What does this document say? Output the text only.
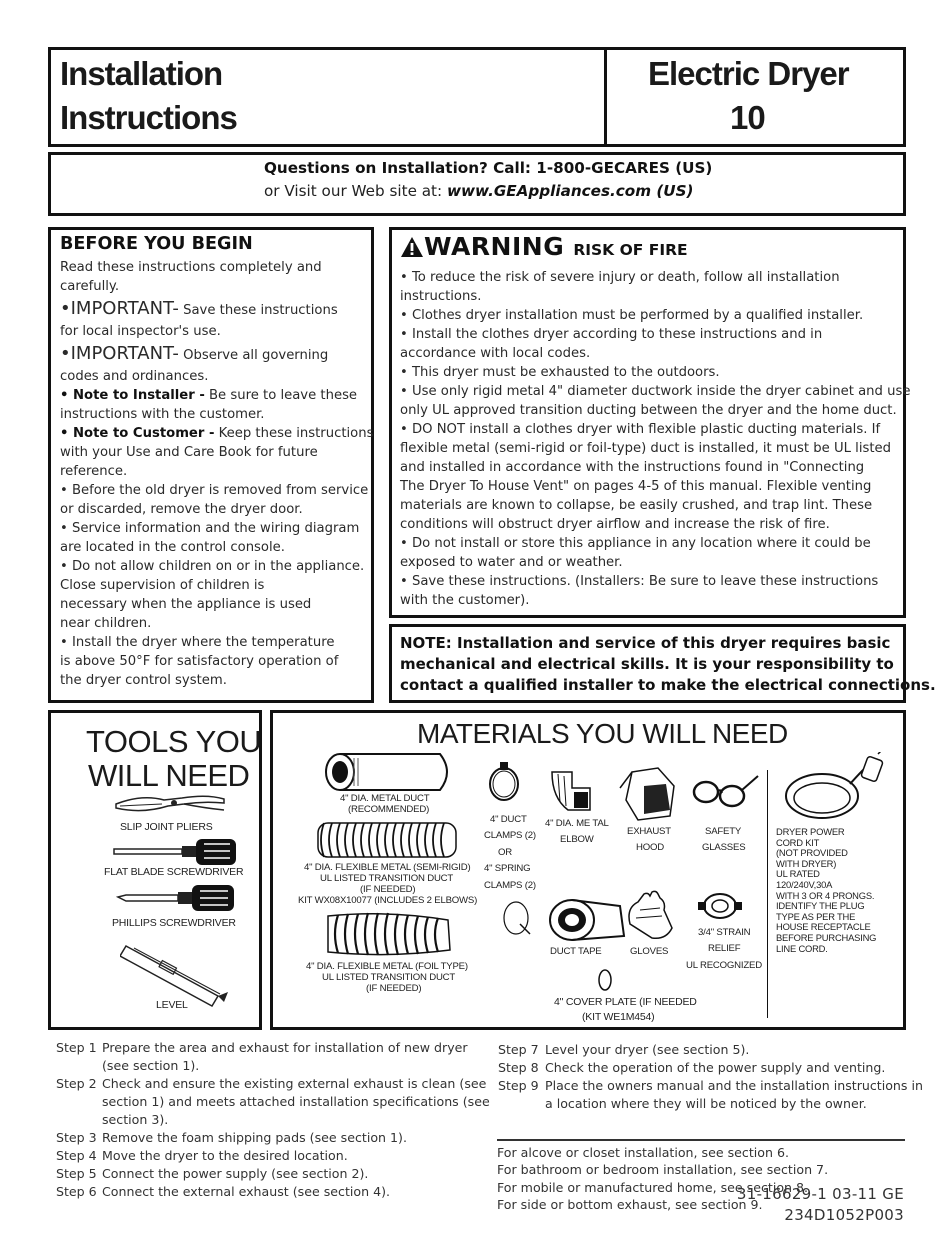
Installation
Instructions
Electric Dryer
10
Questions on Installation? Call: 1-800-GECARES (US)
or Visit our Web site at: www.GEAppliances.com (US)
BEFORE YOU BEGIN
Read these instructions completely and
carefully.
•IMPORTANT- Save these instructions
for local inspector's use.
•IMPORTANT- Observe all governing
codes and ordinances.
• Note to Installer - Be sure to leave these
instructions with the customer.
• Note to Customer - Keep these instructions
with your Use and Care Book for future
reference.
• Before the old dryer is removed from service
or discarded, remove the dryer door.
• Service information and the wiring diagram
are located in the control console.
• Do not allow children on or in the appliance.
Close supervision of children is
necessary when the appliance is used
near children.
• Install the dryer where the temperature
is above 50°F for satisfactory operation of
the dryer control system.
WARNING RISK OF FIRE
• To reduce the risk of severe injury or death, follow all installation
instructions.
• Clothes dryer installation must be performed by a qualified installer.
• Install the clothes dryer according to these instructions and in
accordance with local codes.
• This dryer must be exhausted to the outdoors.
• Use only rigid metal 4" diameter ductwork inside the dryer cabinet and use
only UL approved transition ducting between the dryer and the home duct.
• DO NOT install a clothes dryer with flexible plastic ducting materials. If
flexible metal (semi-rigid or foil-type) duct is installed, it must be UL listed
and installed in accordance with the instructions found in "Connecting
The Dryer To House Vent" on pages 4-5 of this manual. Flexible venting
materials are known to collapse, be easily crushed, and trap lint. These
conditions will obstruct dryer airflow and increase the risk of fire.
• Do not install or store this appliance in any location where it could be
exposed to water and or weather.
• Save these instructions. (Installers: Be sure to leave these instructions
with the customer).
NOTE: Installation and service of this dryer requires basic
mechanical and electrical skills. It is your responsibility to
contact a qualified installer to make the electrical connections.
TOOLS YOU
WILL NEED
SLIP JOINT PLIERS
FLAT BLADE SCREWDRIVER
PHILLIPS SCREWDRIVER
LEVEL
MATERIALS YOU WILL NEED
4" DIA. METAL DUCT
(RECOMMENDED)
4" DIA. FLEXIBLE METAL (SEMI-RIGID)
UL LISTED TRANSITION DUCT
(IF NEEDED)
KIT WX08X10077 (INCLUDES 2 ELBOWS)
4" DIA. FLEXIBLE METAL (FOIL TYPE)
UL LISTED TRANSITION DUCT
(IF NEEDED)
4" DUCT
CLAMPS (2)
OR
4" SPRING
CLAMPS (2)
4" DIA. ME TAL
ELBOW
EXHAUST
HOOD
SAFETY
GLASSES
DUCT TAPE	GLOVES
3/4" STRAIN
RELIEF
UL RECOGNIZED
4" COVER PLATE (IF NEEDED
(KIT WE1M454)
DRYER POWER
CORD KIT
(NOT PROVIDED
WITH DRYER)
UL RATED
120/240V,30A
WITH 3 OR 4 PRONGS.
IDENTIFY THE PLUG
TYPE AS PER THE
HOUSE RECEPTACLE
BEFORE PURCHASING
LINE CORD.
Step 1 Prepare the area and exhaust for installation of new dryer
(see section 1).
Step 2 Check and ensure the existing external exhaust is clean (see
section 1) and meets attached installation specifications (see
section 3).
Step 3 Remove the foam shipping pads (see section 1).
Step 4 Move the dryer to the desired location.
Step 5 Connect the power supply (see section 2).
Step 6 Connect the external exhaust (see section 4).
Step 7 Level your dryer (see section 5).
Step 8 Check the operation of the power supply and venting.
Step 9 Place the owners manual and the installation instructions in
a location where they will be noticed by the owner.
For alcove or closet installation, see section 6.
For bathroom or bedroom installation, see section 7.
For mobile or manufactured home, see section 8.
For side or bottom exhaust, see section 9.
31-16629-1 03-11 GE
234D1052P003
